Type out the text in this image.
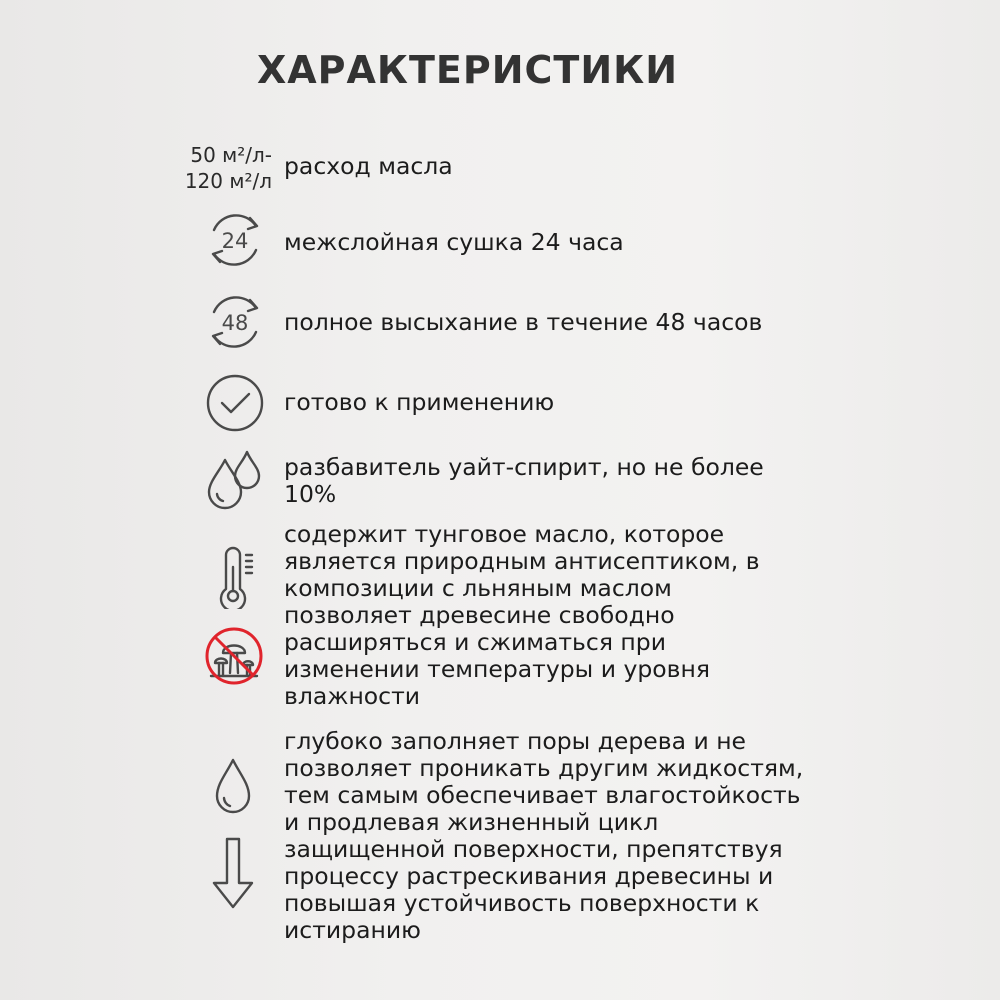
ХАРАКТЕРИСТИКИ
50 м²/л-
120 м²/л
расход масла
24 межслойная сушка 24 часа
48 полное высыхание в течение 48 часов
готово к применению
разбавитель уайт-спирит, но не более 10%
содержит тунговое масло, которое является природным антисептиком, в композиции с льняным маслом позволяет древесине свободно расширяться и сжиматься при изменении температуры и уровня влажности
глубоко заполняет поры дерева и не позволяет проникать другим жидкостям, тем самым обеспечивает влагостойкость и продлевая жизненный цикл защищенной поверхности, препятствуя процессу растрескивания древесины и повышая устойчивость поверхности к истиранию
